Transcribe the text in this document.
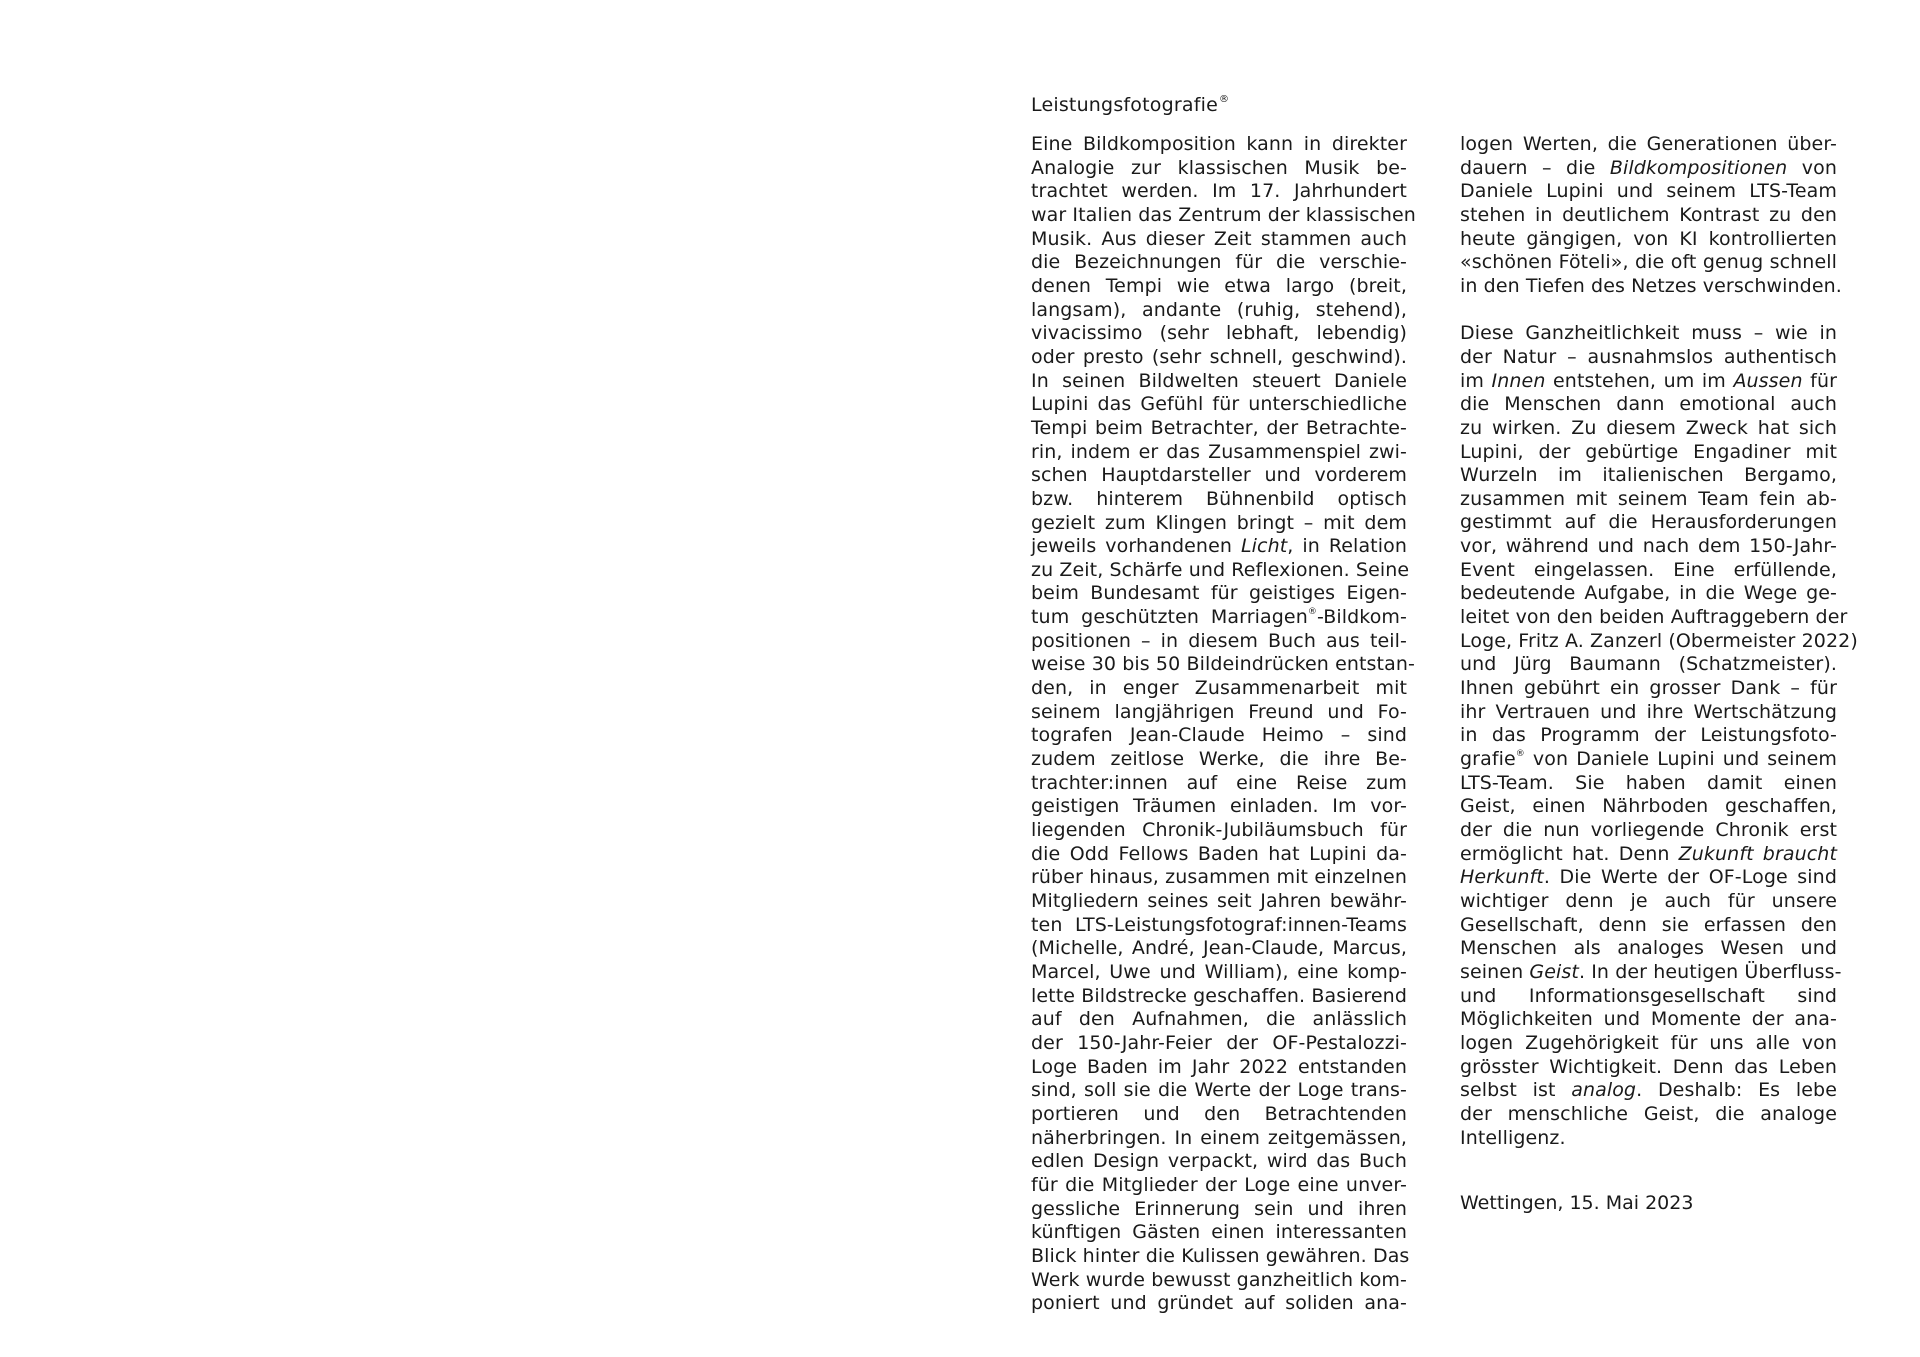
Leistungsfotografie®

Eine Bildkomposition kann in direkter
Analogie zur klassischen Musik be-
trachtet werden. Im 17. Jahrhundert
war Italien das Zentrum der klassischen
Musik. Aus dieser Zeit stammen auch
die Bezeichnungen für die verschie-
denen Tempi wie etwa largo (breit,
langsam), andante (ruhig, stehend),
vivacissimo (sehr lebhaft, lebendig)
oder presto (sehr schnell, geschwind).
In seinen Bildwelten steuert Daniele
Lupini das Gefühl für unterschiedliche
Tempi beim Betrachter, der Betrachte-
rin, indem er das Zusammenspiel zwi-
schen Hauptdarsteller und vorderem
bzw. hinterem Bühnenbild optisch
gezielt zum Klingen bringt – mit dem
jeweils vorhandenen Licht, in Relation
zu Zeit, Schärfe und Reflexionen. Seine
beim Bundesamt für geistiges Eigen-
tum geschützten Marriagen®-Bildkom-
positionen – in diesem Buch aus teil-
weise 30 bis 50 Bildeindrücken entstan-
den, in enger Zusammenarbeit mit
seinem langjährigen Freund und Fo-
tografen Jean-Claude Heimo – sind
zudem zeitlose Werke, die ihre Be-
trachter:innen auf eine Reise zum
geistigen Träumen einladen. Im vor-
liegenden Chronik-Jubiläumsbuch für
die Odd Fellows Baden hat Lupini da-
rüber hinaus, zusammen mit einzelnen
Mitgliedern seines seit Jahren bewähr-
ten LTS-Leistungsfotograf:innen-Teams
(Michelle, André, Jean-Claude, Marcus,
Marcel, Uwe und William), eine komp-
lette Bildstrecke geschaffen. Basierend
auf den Aufnahmen, die anlässlich
der 150-Jahr-Feier der OF-Pestalozzi-
Loge Baden im Jahr 2022 entstanden
sind, soll sie die Werte der Loge trans-
portieren und den Betrachtenden
näherbringen. In einem zeitgemässen,
edlen Design verpackt, wird das Buch
für die Mitglieder der Loge eine unver-
gessliche Erinnerung sein und ihren
künftigen Gästen einen interessanten
Blick hinter die Kulissen gewähren. Das
Werk wurde bewusst ganzheitlich kom-
poniert und gründet auf soliden ana-

logen Werten, die Generationen über-
dauern – die Bildkompositionen von
Daniele Lupini und seinem LTS-Team
stehen in deutlichem Kontrast zu den
heute gängigen, von KI kontrollierten
«schönen Föteli», die oft genug schnell
in den Tiefen des Netzes verschwinden.

Diese Ganzheitlichkeit muss – wie in
der Natur – ausnahmslos authentisch
im Innen entstehen, um im Aussen für
die Menschen dann emotional auch
zu wirken. Zu diesem Zweck hat sich
Lupini, der gebürtige Engadiner mit
Wurzeln im italienischen Bergamo,
zusammen mit seinem Team fein ab-
gestimmt auf die Herausforderungen
vor, während und nach dem 150-Jahr-
Event eingelassen. Eine erfüllende,
bedeutende Aufgabe, in die Wege ge-
leitet von den beiden Auftraggebern der
Loge, Fritz A. Zanzerl (Obermeister 2022)
und Jürg Baumann (Schatzmeister).
Ihnen gebührt ein grosser Dank – für
ihr Vertrauen und ihre Wertschätzung
in das Programm der Leistungsfoto-
grafie® von Daniele Lupini und seinem
LTS-Team. Sie haben damit einen
Geist, einen Nährboden geschaffen,
der die nun vorliegende Chronik erst
ermöglicht hat. Denn Zukunft braucht
Herkunft. Die Werte der OF-Loge sind
wichtiger denn je auch für unsere
Gesellschaft, denn sie erfassen den
Menschen als analoges Wesen und
seinen Geist. In der heutigen Überfluss-
und Informationsgesellschaft sind
Möglichkeiten und Momente der ana-
logen Zugehörigkeit für uns alle von
grösster Wichtigkeit. Denn das Leben
selbst ist analog. Deshalb: Es lebe
der menschliche Geist, die analoge
Intelligenz.

Wettingen, 15. Mai 2023
